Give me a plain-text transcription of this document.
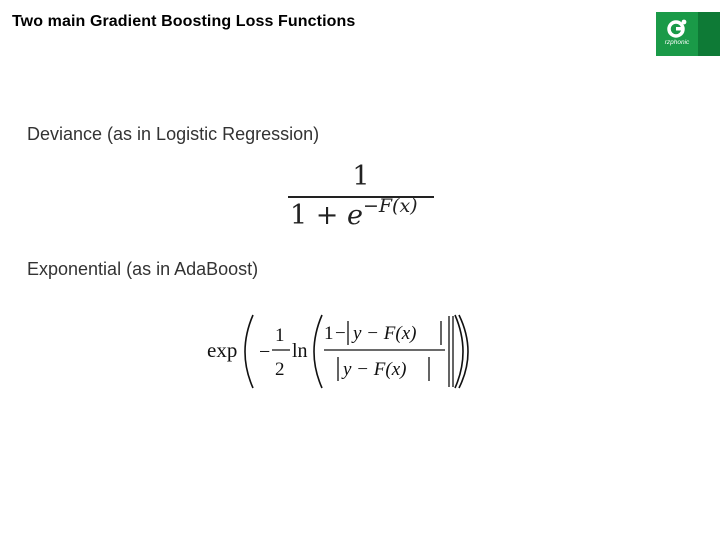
Two main Gradient Boosting Loss Functions
rzphonic
Deviance (as in Logistic Regression)
1
$1 + e^{-F(x)}$
Exponential (as in AdaBoost)
exp −
1
2
ln
1 − y − F(x)
y − F(x)
